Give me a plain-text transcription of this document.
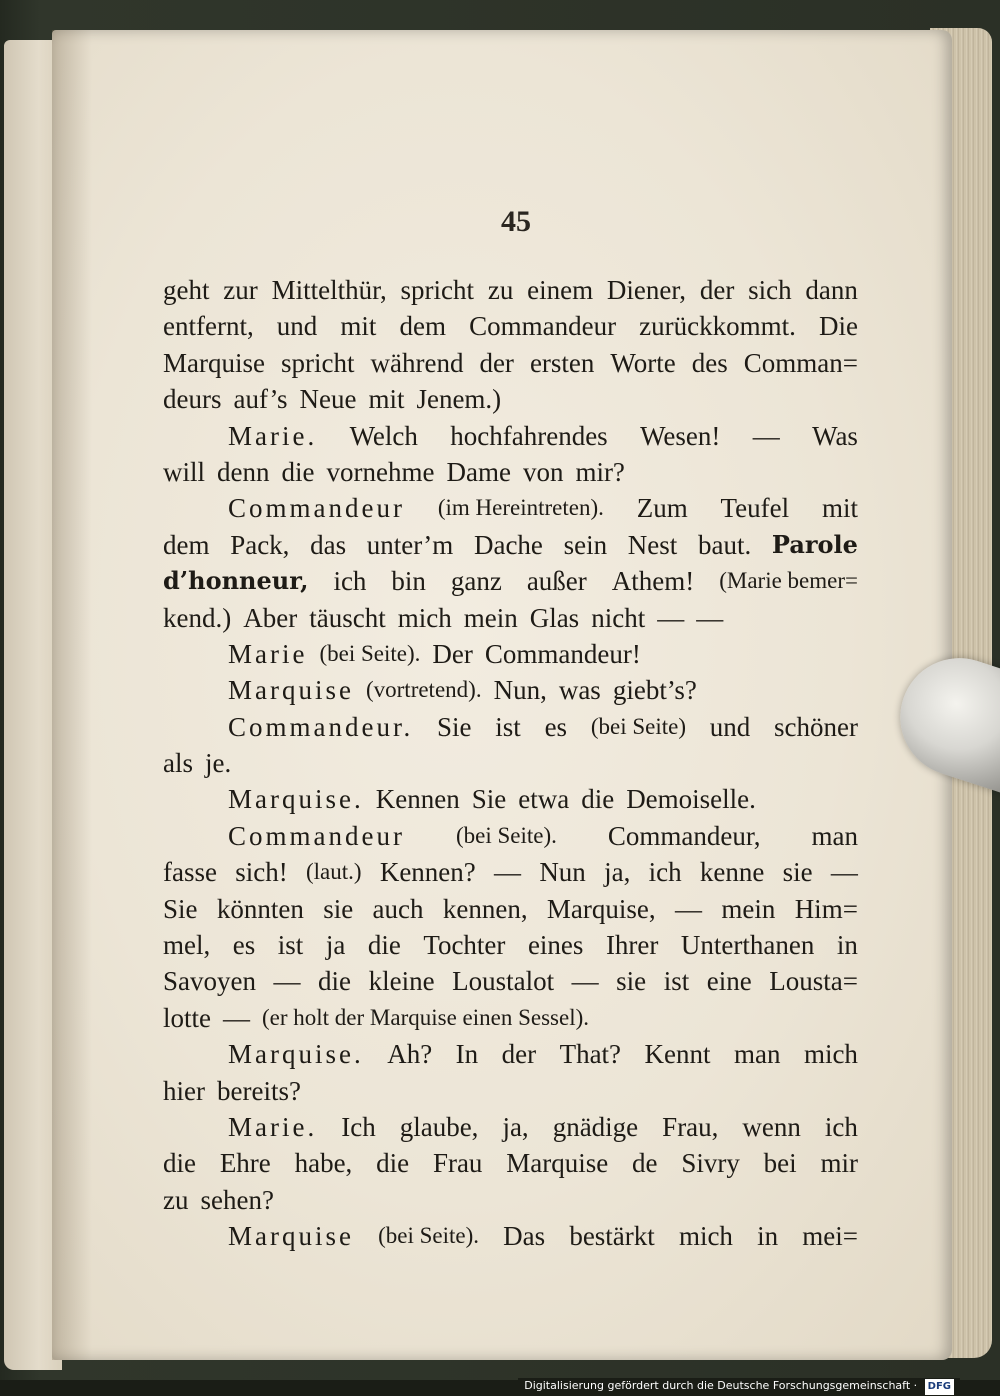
45
geht zur Mittelthür, spricht zu einem Diener, der sich dann
entfernt, und mit dem Commandeur zurückkommt. Die
Marquise spricht während der ersten Worte des Comman=
deurs auf’s Neue mit Jenem.)
Marie. Welch hochfahrendes Wesen! — Was
will denn die vornehme Dame von mir?
Commandeur (im Hereintreten). Zum Teufel mit
dem Pack, das unter’m Dache sein Nest baut. Parole
d’honneur, ich bin ganz außer Athem! (Marie bemer=
kend.) Aber täuscht mich mein Glas nicht — —
Marie (bei Seite). Der Commandeur!
Marquise (vortretend). Nun, was giebt’s?
Commandeur. Sie ist es (bei Seite) und schöner
als je.
Marquise. Kennen Sie etwa die Demoiselle.
Commandeur (bei Seite). Commandeur, man
fasse sich! (laut.) Kennen? — Nun ja, ich kenne sie —
Sie könnten sie auch kennen, Marquise, — mein Him=
mel, es ist ja die Tochter eines Ihrer Unterthanen in
Savoyen — die kleine Loustalot — sie ist eine Lousta=
lotte — (er holt der Marquise einen Sessel).
Marquise. Ah? In der That? Kennt man mich
hier bereits?
Marie. Ich glaube, ja, gnädige Frau, wenn ich
die Ehre habe, die Frau Marquise de Sivry bei mir
zu sehen?
Marquise (bei Seite). Das bestärkt mich in mei=
Digitalisierung gefördert durch die Deutsche Forschungsgemeinschaft · DFG
